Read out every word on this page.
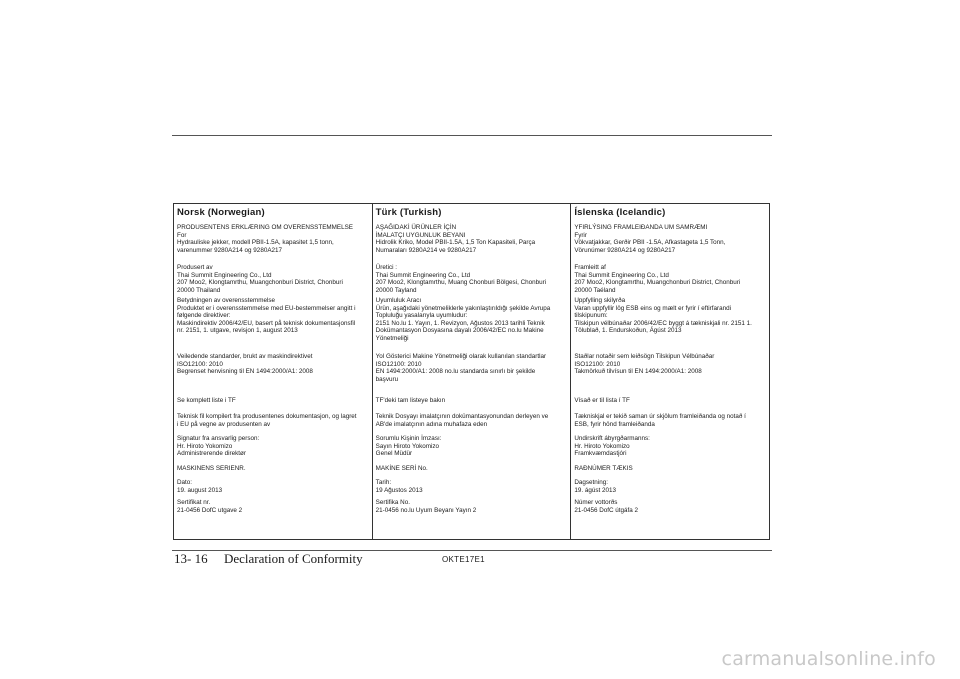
Norsk (Norwegian)
PRODUSENTENS ERKLÆRING OM OVERENSSTEMMELSE
For
Hydrauliske jekker, modell PBII-1.5A, kapasitet 1,5 tonn,
varenummer 9280A214 og 9280A217
Produsert av
Thai Summit Engineering Co., Ltd
207 Moo2, Klongtamrthu, Muangchonburi District, Chonburi
20000 Thailand
Betydningen av overensstemmelse
Produktet er i overensstemmelse med EU-bestemmelser angitt i
følgende direktiver:
Maskindirektiv 2006/42/EU, basert på teknisk dokumentasjonsfil
nr. 2151, 1. utgave, revisjon 1, august 2013
Veiledende standarder, brukt av maskindirektivet
ISO12100: 2010
Begrenset henvisning til EN 1494:2000/A1: 2008
Se komplett liste i TF
Teknisk fil kompilert fra produsentenes dokumentasjon, og lagret
i EU på vegne av produsenten av
Signatur fra ansvarlig person:
Hr. Hiroto Yokomizo
Administrerende direktør
MASKINENS SERIENR.
Dato:
19. august 2013
Sertifikat nr.
21-0456 DofC utgave 2
Türk (Turkish)
AŞAĞIDAKİ ÜRÜNLER İÇİN
İMALATÇI UYGUNLUK BEYANI
Hidrolik Kriko, Model PBII-1.5A, 1,5 Ton Kapasiteli, Parça
Numaraları 9280A214 ve 9280A217
Üretici :
Thai Summit Engineering Co., Ltd
207 Moo2, Klongtamrthu, Muang Chonburi Bölgesi, Chonburi
20000 Tayland
Uyumluluk Aracı
Ürün, aşağıdaki yönetmeliklerle yakınlaştırıldığı şekilde Avrupa
Topluluğu yasalarıyla uyumludur:
2151 No.lu 1. Yayın, 1. Revizyon, Ağustos 2013 tarihli Teknik
Dokümantasyon Dosyasına dayalı 2006/42/EC no.lu Makine
Yönetmeliği
Yol Gösterici Makine Yönetmeliği olarak kullanılan standartlar
ISO12100: 2010
EN 1494:2000/A1: 2008 no.lu standarda sınırlı bir şekilde
başvuru
TF'deki tam listeye bakın
Teknik Dosyayı imalatçının dokümantasyonundan derleyen ve
AB'de imalatçının adına muhafaza eden
Sorumlu Kişinin İmzası:
Sayın Hiroto Yokomizo
Genel Müdür
MAKİNE SERİ No.
Tarih:
19 Ağustos 2013
Sertifika No.
21-0456 no.lu Uyum Beyanı Yayın 2
Íslenska (Icelandic)
YFIRLÝSING FRAMLEIÐANDA UM SAMRÆMI
Fyrir
Vökvatjakkar, Gerðir PBII -1.5A, Afkastageta 1,5 Tonn,
Vörunúmer 9280A214 og 9280A217
Framleitt af
Thai Summit Engineering Co., Ltd
207 Moo2, Klongtamrthu, Muangchonburi District, Chonburi
20000 Taéland
Uppfylling skilyrða
Varan uppfyllir lög ESB eins og mælt er fyrir í eftirfarandi
tilskipunum:
Tilskipun vélbúnaðar 2006/42/EC byggt á tækniskjali nr. 2151 1.
Tölublað, 1. Endurskoðun, Ágúst 2013
Staðlar notaðir sem leiðsögn Tilskipun Vélbúnaðar
ISO12100: 2010
Takmörkuð tilvísun til EN 1494:2000/A1: 2008
Vísað er til lista í TF
Tækniskjal er tekið saman úr skjölum framleiðanda og notað í
ESB, fyrir hönd framleiðanda
Undirskrift ábyrgðarmanns:
Hr. Hiroto Yokomizo
Framkvæmdastjóri
RAÐNÚMER TÆKIS
Dagsetning:
19. ágúst 2013
Númer vottorðs
21-0456 DofC útgáfa 2
13- 16 Declaration of Conformity	OKTE17E1
carmanualsonline.info
